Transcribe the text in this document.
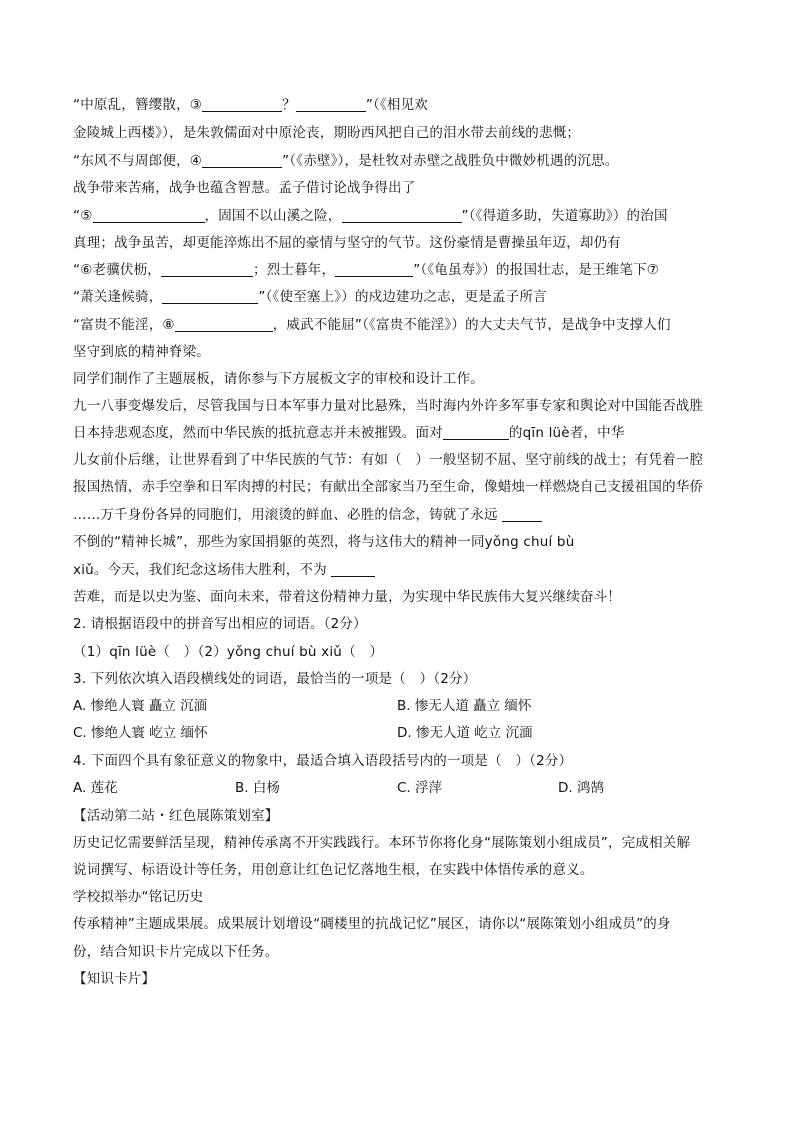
“中原乱，簪缨散，③	？	”（《相见欢
金陵城上西楼》），是朱敦儒面对中原沦丧，期盼西风把自己的泪水带去前线的悲慨；
“东风不与周郎便，④	”（《赤壁》），是杜牧对赤壁之战胜负中微妙机遇的沉思。
战争带来苦痛，战争也蕴含智慧。孟子借讨论战争得出了
“⑤	，固国不以山溪之险，	”（《得道多助，失道寡助》）的治国
真理；战争虽苦，却更能淬炼出不屈的豪情与坚守的气节。这份豪情是曹操虽年迈，却仍有
“⑥老骥伏枥，	；烈士暮年，	”（《龟虽寿》）的报国壮志，是王维笔下⑦
“萧关逢候骑，	”（《使至塞上》）的戍边建功之志，更是孟子所言
“富贵不能淫，⑧	，威武不能屈”（《富贵不能淫》）的大丈夫气节，是战争中支撑人们
坚守到底的精神脊梁。
同学们制作了主题展板，请你参与下方展板文字的审校和设计工作。
九一八事变爆发后，尽管我国与日本军事力量对比悬殊，当时海内外许多军事专家和舆论对中国能否战胜
日本持悲观态度，然而中华民族的抵抗意志并未被摧毁。面对	的qīn lüè者，中华
儿女前仆后继，让世界看到了中华民族的气节：有如（　）一般坚韧不屈、坚守前线的战士；有凭着一腔
报国热情，赤手空拳和日军肉搏的村民；有献出全部家当乃至生命，像蜡烛一样燃烧自己支援祖国的华侨
……万千身份各异的同胞们，用滚烫的鲜血、必胜的信念，铸就了永远
不倒的“精神长城”，那些为家国捐躯的英烈，将与这伟大的精神一同yǒng chuí bù
xiǔ。今天，我们纪念这场伟大胜利，不为
苦难，而是以史为鉴、面向未来，带着这份精神力量，为实现中华民族伟大复兴继续奋斗！
2. 请根据语段中的拼音写出相应的词语。（2分）
（1）qīn lüè（　）（2）yǒng chuí bù xiǔ（　）
3. 下列依次填入语段横线处的词语，最恰当的一项是（　）（2分）
A. 惨绝人寰 矗立 沉湎	B. 惨无人道 矗立 缅怀
C. 惨绝人寰 屹立 缅怀	D. 惨无人道 屹立 沉湎
4. 下面四个具有象征意义的物象中，最适合填入语段括号内的一项是（　）（2分）
A. 莲花	B. 白杨	C. 浮萍	D. 鸿鹄
【活动第二站・红色展陈策划室】
历史记忆需要鲜活呈现，精神传承离不开实践践行。本环节你将化身“展陈策划小组成员”，完成相关解
说词撰写、标语设计等任务，用创意让红色记忆落地生根，在实践中体悟传承的意义。
学校拟举办“铭记历史
传承精神”主题成果展。成果展计划增设“碉楼里的抗战记忆”展区，请你以“展陈策划小组成员”的身
份，结合知识卡片完成以下任务。
【知识卡片】
